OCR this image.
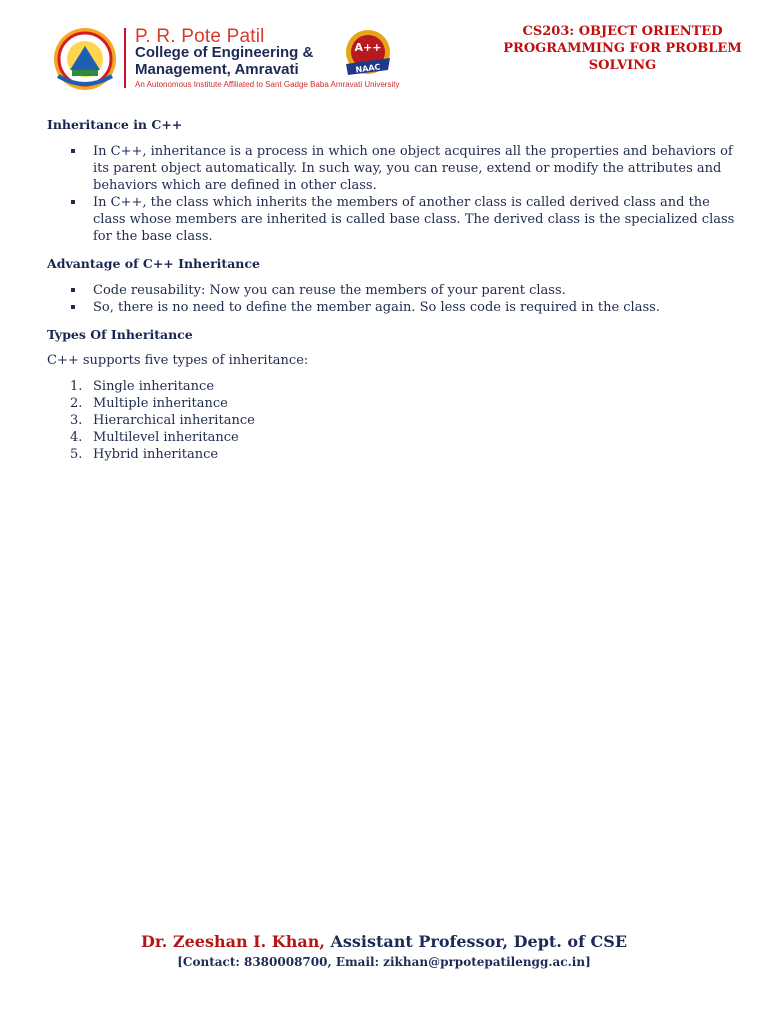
P. R. Pote Patil
College of Engineering &
Management, Amravati
An Autonomous Institute Affiliated to Sant Gadge Baba Amravati University
A++
NAAC
CS203: OBJECT ORIENTED
PROGRAMMING FOR PROBLEM
SOLVING

Inheritance in C++

In C++, inheritance is a process in which one object acquires all the properties and behaviors of its parent object automatically. In such way, you can reuse, extend or modify the attributes and behaviors which are defined in other class.
In C++, the class which inherits the members of another class is called derived class and the class whose members are inherited is called base class. The derived class is the specialized class for the base class.

Advantage of C++ Inheritance

Code reusability: Now you can reuse the members of your parent class.
So, there is no need to define the member again. So less code is required in the class.

Types Of Inheritance

C++ supports five types of inheritance:

1. Single inheritance
2. Multiple inheritance
3. Hierarchical inheritance
4. Multilevel inheritance
5. Hybrid inheritance
Dr. Zeeshan I. Khan, Assistant Professor, Dept. of CSE
[Contact: 8380008700, Email: zikhan@prpotepatilengg.ac.in]
